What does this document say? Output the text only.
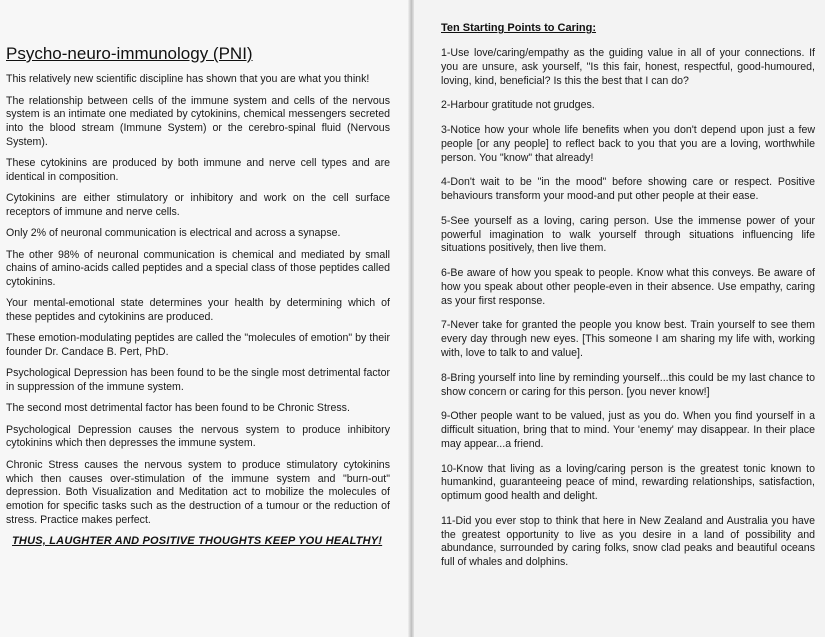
Psycho-neuro-immunology (PNI)

This relatively new scientific discipline has shown that you are what you think!

The relationship between cells of the immune system and cells of the nervous system is an intimate one mediated by cytokinins, chemical messengers secreted into the blood stream (Immune System) or the cerebro-spinal fluid (Nervous System).

These cytokinins are produced by both immune and nerve cell types and are identical in composition.

Cytokinins are either stimulatory or inhibitory and work on the cell surface receptors of immune and nerve cells.

Only 2% of neuronal communication is electrical and across a synapse.

The other 98% of neuronal communication is chemical and mediated by small chains of amino-acids called peptides and a special class of those peptides called cytokinins.

Your mental-emotional state determines your health by determining which of these peptides and cytokinins are produced.

These emotion-modulating peptides are called the "molecules of emotion" by their founder Dr. Candace B. Pert, PhD.

Psychological Depression has been found to be the single most detrimental factor in suppression of the immune system.

The second most detrimental factor has been found to be Chronic Stress.

Psychological Depression causes the nervous system to produce inhibitory cytokinins which then depresses the immune system.

Chronic Stress causes the nervous system to produce stimulatory cytokinins which then causes over-stimulation of the immune system and "burn-out" depression. Both Visualization and Meditation act to mobilize the molecules of emotion for specific tasks such as the destruction of a tumour or the reduction of stress. Practice makes perfect.

THUS, LAUGHTER AND POSITIVE THOUGHTS KEEP YOU HEALTHY!
Ten Starting Points to Caring:

1-Use love/caring/empathy as the guiding value in all of your connections. If you are unsure, ask yourself, "Is this fair, honest, respectful, good-humoured, loving, kind, beneficial? Is this the best that I can do?

2-Harbour gratitude not grudges.

3-Notice how your whole life benefits when you don't depend upon just a few people [or any people] to reflect back to you that you are a loving, worthwhile person. You "know" that already!

4-Don't wait to be "in the mood" before showing care or respect. Positive behaviours transform your mood-and put other people at their ease.

5-See yourself as a loving, caring person. Use the immense power of your powerful imagination to walk yourself through situations influencing life situations positively, then live them.

6-Be aware of how you speak to people. Know what this conveys. Be aware of how you speak about other people-even in their absence. Use empathy, caring as your first response.

7-Never take for granted the people you know best. Train yourself to see them every day through new eyes. [This someone I am sharing my life with, working with, love to talk to and value].

8-Bring yourself into line by reminding yourself...this could be my last chance to show concern or caring for this person. [you never know!]

9-Other people want to be valued, just as you do. When you find yourself in a difficult situation, bring that to mind. Your 'enemy' may disappear. In their place may appear...a friend.

10-Know that living as a loving/caring person is the greatest tonic known to humankind, guaranteeing peace of mind, rewarding relationships, satisfaction, optimum good health and delight.

11-Did you ever stop to think that here in New Zealand and Australia you have the greatest opportunity to live as you desire in a land of possibility and abundance, surrounded by caring folks, snow clad peaks and beautiful oceans full of whales and dolphins.
